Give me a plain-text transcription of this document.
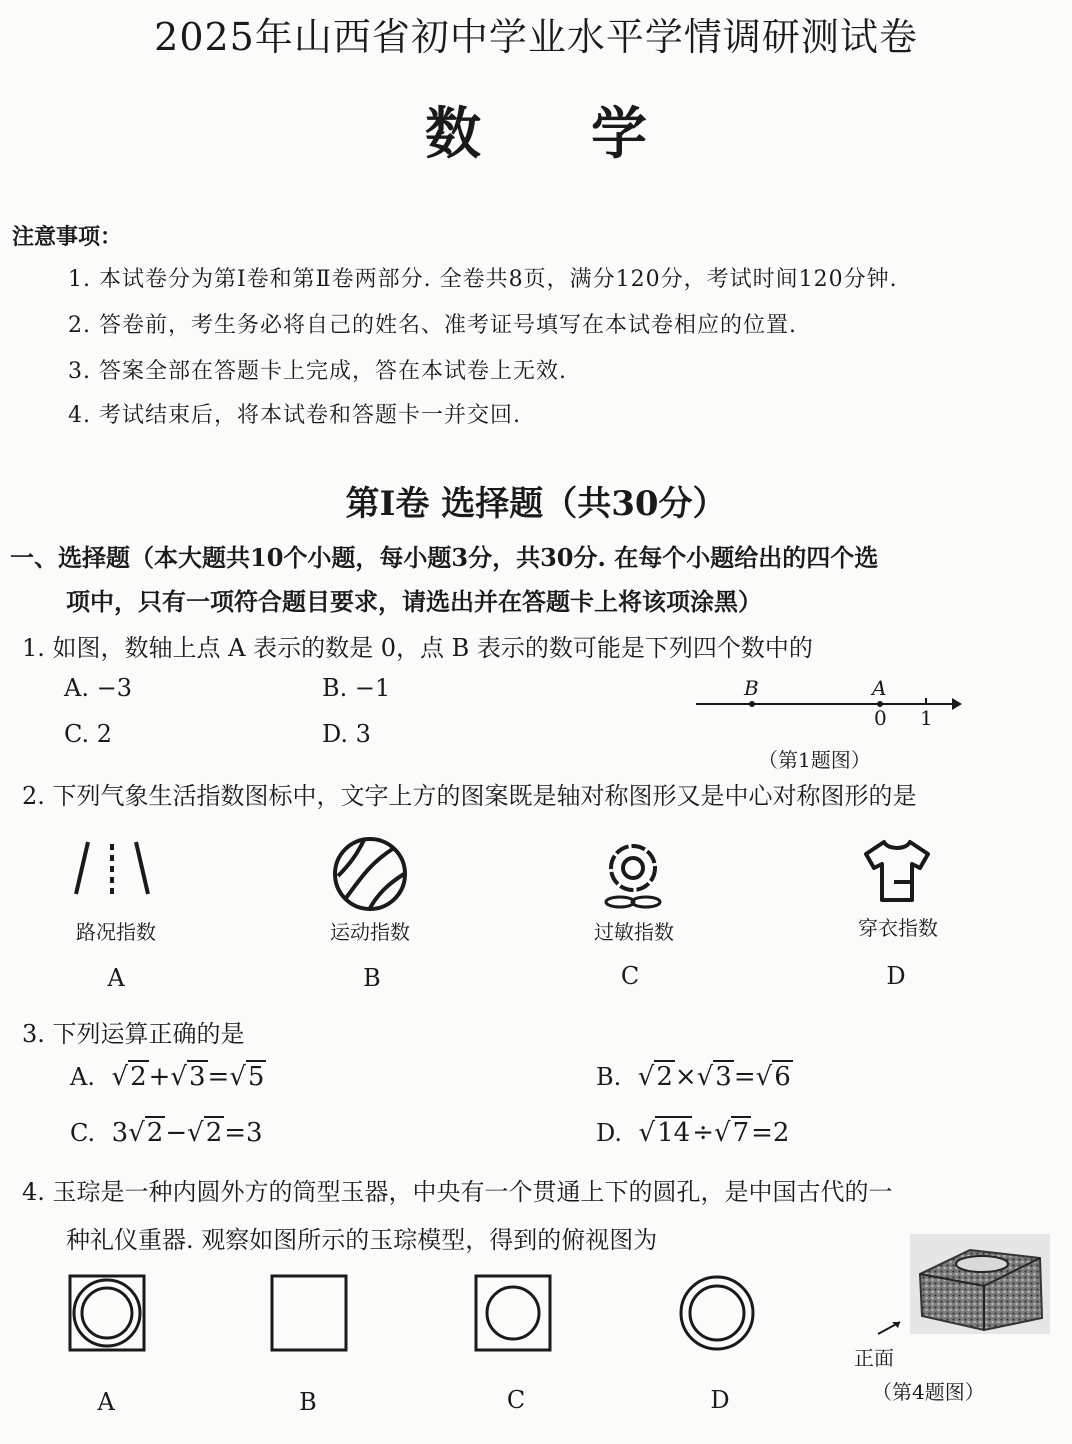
2025年山西省初中学业水平学情调研测试卷
数学
注意事项：
1. 本试卷分为第Ⅰ卷和第Ⅱ卷两部分. 全卷共8页，满分120分，考试时间120分钟.
2. 答卷前，考生务必将自己的姓名、准考证号填写在本试卷相应的位置.
3. 答案全部在答题卡上完成，答在本试卷上无效.
4. 考试结束后，将本试卷和答题卡一并交回.
第Ⅰ卷 选择题（共30分）
一、选择题（本大题共10个小题，每小题3分，共30分. 在每个小题给出的四个选
项中，只有一项符合题目要求，请选出并在答题卡上将该项涂黑）
1. 如图，数轴上点 A 表示的数是 0，点 B 表示的数可能是下列四个数中的
A. −3	B. −1
C. 2	D. 3
B	A
0 1
（第1题图）
2. 下列气象生活指数图标中，文字上方的图案既是轴对称图形又是中心对称图形的是
路况指数
A
运动指数
B
过敏指数
C
穿衣指数
D
3. 下列运算正确的是
A.  √2+√3=√5	B.  √2×√3=√6
C. 3√2−√2=3	D.  √14÷√7=2
4. 玉琮是一种内圆外方的筒型玉器，中央有一个贯通上下的圆孔，是中国古代的一
种礼仪重器. 观察如图所示的玉琮模型，得到的俯视图为
A	B	C	D
正面
（第4题图）
